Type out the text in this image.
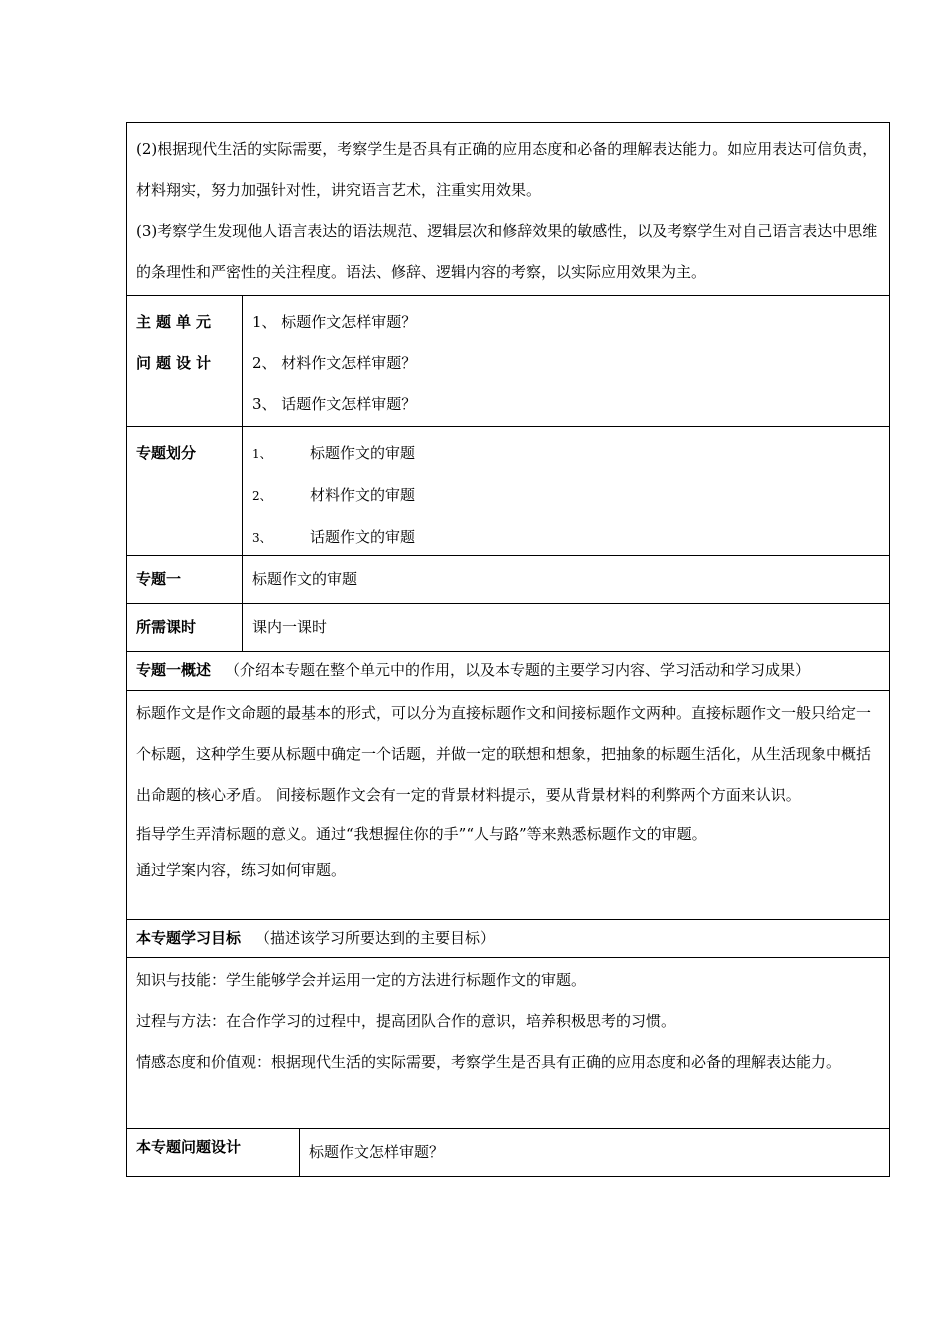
(2)根据现代生活的实际需要，考察学生是否具有正确的应用态度和必备的理解表达能力。如应用表达可信负责，材料翔实，努力加强针对性，讲究语言艺术，注重实用效果。

(3)考察学生发现他人语言表达的语法规范、逻辑层次和修辞效果的敏感性，以及考察学生对自己语言表达中思维的条理性和严密性的关注程度。语法、修辞、逻辑内容的考察，以实际应用效果为主。

主题单元问题设计
1、 标题作文怎样审题？
2、 材料作文怎样审题？
3、 话题作文怎样审题？
专题划分	1、	标题作文的审题
2、	材料作文的审题
3、	话题作文的审题
专题一	标题作文的审题
所需课时	课内一课时
专题一概述 （介绍本专题在整个单元中的作用，以及本专题的主要学习内容、学习活动和学习成果）

标题作文是作文命题的最基本的形式，可以分为直接标题作文和间接标题作文两种。直接标题作文一般只给定一个标题，这种学生要从标题中确定一个话题，并做一定的联想和想象，把抽象的标题生活化，从生活现象中概括出命题的核心矛盾。 间接标题作文会有一定的背景材料提示，要从背景材料的利弊两个方面来认识。

指导学生弄清标题的意义。通过“我想握住你的手”“人与路”等来熟悉标题作文的审题。

通过学案内容，练习如何审题。

本专题学习目标 （描述该学习所要达到的主要目标）

知识与技能：学生能够学会并运用一定的方法进行标题作文的审题。

过程与方法：在合作学习的过程中，提高团队合作的意识，培养积极思考的习惯。

情感态度和价值观：根据现代生活的实际需要，考察学生是否具有正确的应用态度和必备的理解表达能力。

本专题问题设计	标题作文怎样审题？
